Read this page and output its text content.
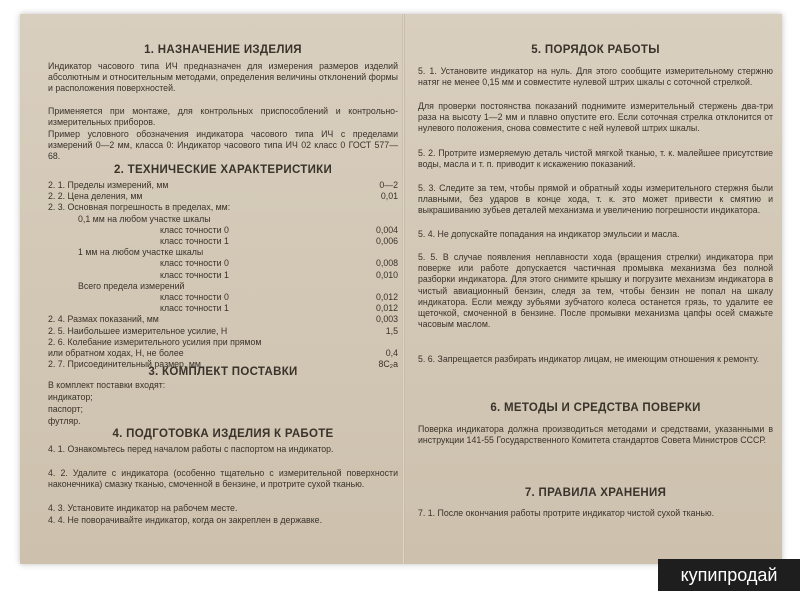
1. НАЗНАЧЕНИЕ ИЗДЕЛИЯ

Индикатор часового типа ИЧ предназначен для измерения размеров изделий абсолютным и относительным методами, определения величины отклонений формы и расположения поверхностей.

Применяется при монтаже, для контрольных приспособлений и контрольно-измерительных приборов.

Пример условного обозначения индикатора часового типа ИЧ с пределами измерений 0—2 мм, класса 0: Индикатор часового типа ИЧ 02 класс 0 ГОСТ 577—68.

2. ТЕХНИЧЕСКИЕ ХАРАКТЕРИСТИКИ
2. 1. Пределы измерений, мм	0—2
2. 2. Цена деления, мм	0,01
2. 3. Основная погрешность в пределах, мм:
0,1 мм на любом участке шкалы
класс точности 0	0,004
класс точности 1	0,006
1 мм на любом участке шкалы
класс точности 0	0,008
класс точности 1	0,010
Всего предела измерений
класс точности 0	0,012
класс точности 1	0,012
2. 4. Размах показаний, мм	0,003
2. 5. Наибольшее измерительное усилие, Н	1,5
2. 6. Колебание измерительного усилия при прямом
или обратном ходах, Н, не более	0,4
2. 7. Присоединительный размер, мм	8С₂а
3. КОМПЛЕКТ ПОСТАВКИ
В комплект поставки входят:
индикатор;
паспорт;
футляр.
4. ПОДГОТОВКА ИЗДЕЛИЯ К РАБОТЕ

4. 1. Ознакомьтесь перед началом работы с паспортом на индикатор.

4. 2. Удалите с индикатора (особенно тщательно с измерительной поверхности наконечника) смазку тканью, смоченной в бензине, и протрите сухой тканью.

4. 3. Установите индикатор на рабочем месте.

4. 4. Не поворачивайте индикатор, когда он закреплен в державке.

5. ПОРЯДОК РАБОТЫ

5. 1. Установите индикатор на нуль. Для этого сообщите измерительному стержню натяг не менее 0,15 мм и совместите нулевой штрих шкалы с соточной стрелкой.

Для проверки постоянства показаний поднимите измерительный стержень два-три раза на высоту 1—2 мм и плавно опустите его. Если соточная стрелка отклонится от нулевого положения, снова совместите с ней нулевой штрих шкалы.

5. 2. Протрите измеряемую деталь чистой мягкой тканью, т. к. малейшее присутствие воды, масла и т. п. приводит к искажению показаний.

5. 3. Следите за тем, чтобы прямой и обратный ходы измерительного стержня были плавными, без ударов в конце хода, т. к. это может привести к смятию и выкрашиванию зубьев деталей механизма и увеличению погрешности индикатора.

5. 4. Не допускайте попадания на индикатор эмульсии и масла.

5. 5. В случае появления неплавности хода (вращения стрелки) индикатора при поверке или работе допускается частичная промывка механизма без полной разборки индикатора. Для этого снимите крышку и погрузите механизм индикатора в чистый авиационный бензин, следя за тем, чтобы бензин не попал на шкалу индикатора. Если между зубьями зубчатого колеса останется грязь, то удалите ее щеточкой, смоченной в бензине. После промывки механизма цапфы осей смажьте часовым маслом.

5. 6. Запрещается разбирать индикатор лицам, не имеющим отношения к ремонту.

6. МЕТОДЫ И СРЕДСТВА ПОВЕРКИ

Поверка индикатора должна производиться методами и средствами, указанными в инструкции 141-55 Государственного Комитета стандартов Совета Министров СССР.

7. ПРАВИЛА ХРАНЕНИЯ

7. 1. После окончания работы протрите индикатор чистой сухой тканью.

купипродай
